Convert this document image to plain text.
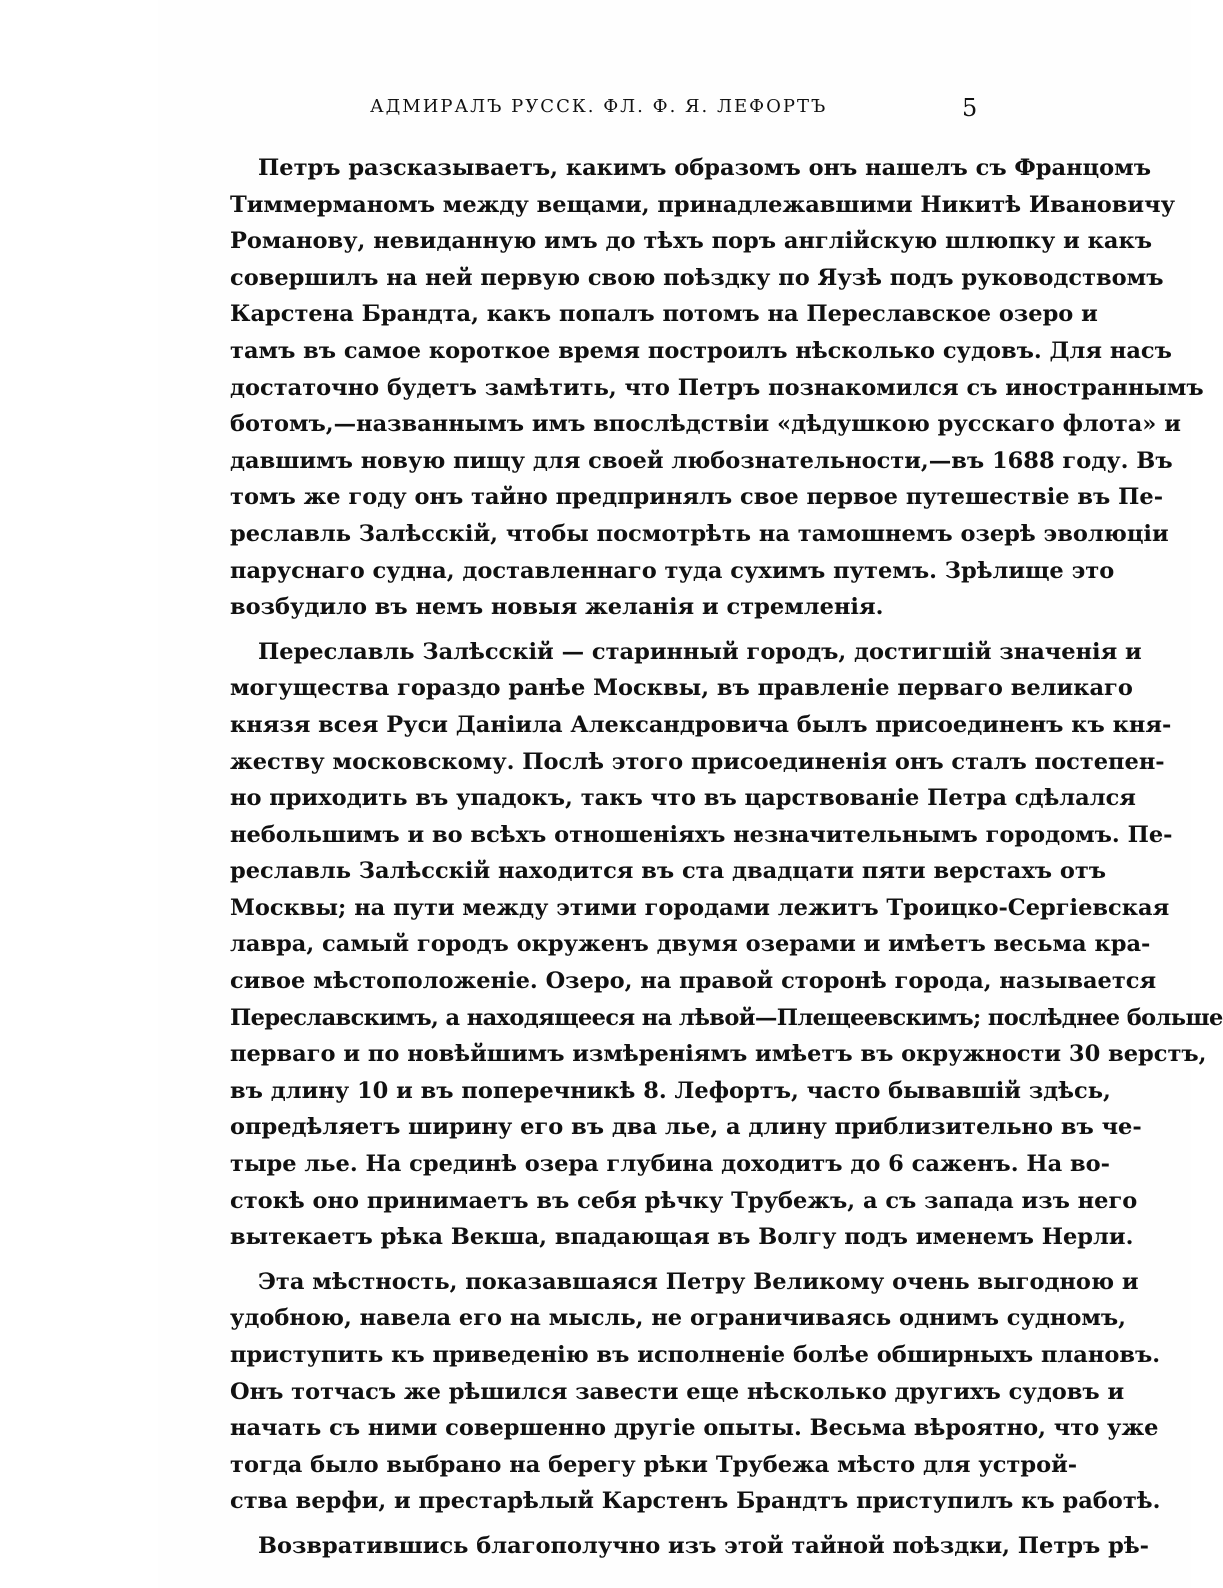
АДМИРАЛЪ РУССК. ФЛ. Ф. Я. ЛЕФОРТЪ	5
Петръ разсказываетъ, какимъ образомъ онъ нашелъ съ Францомъ
Тиммерманомъ между вещами, принадлежавшими Никитѣ Ивановичу
Романову, невиданную имъ до тѣхъ поръ англійскую шлюпку и какъ
совершилъ на ней первую свою поѣздку по Яузѣ подъ руководствомъ
Карстена Брандта, какъ попалъ потомъ на Переславское озеро и
тамъ въ самое короткое время построилъ нѣсколько судовъ. Для насъ
достаточно будетъ замѣтить, что Петръ познакомился съ иностраннымъ
ботомъ,—названнымъ имъ впослѣдствіи «дѣдушкою русскаго флота» и
давшимъ новую пищу для своей любознательности,—въ 1688 году. Въ
томъ же году онъ тайно предпринялъ свое первое путешествіе въ Пе-
реславль Залѣсскій, чтобы посмотрѣть на тамошнемъ озерѣ эволюціи
паруснаго судна, доставленнаго туда сухимъ путемъ. Зрѣлище это
возбудило въ немъ новыя желанія и стремленія.
Переславль Залѣсскій — старинный городъ, достигшій значенія и
могущества гораздо ранѣе Москвы, въ правленіе перваго великаго
князя всея Руси Даніила Александровича былъ присоединенъ къ кня-
жеству московскому. Послѣ этого присоединенія онъ сталъ постепен-
но приходить въ упадокъ, такъ что въ царствованіе Петра сдѣлался
небольшимъ и во всѣхъ отношеніяхъ незначительнымъ городомъ. Пе-
реславль Залѣсскій находится въ ста двадцати пяти верстахъ отъ
Москвы; на пути между этими городами лежитъ Троицко-Сергіевская
лавра, самый городъ окруженъ двумя озерами и имѣетъ весьма кра-
сивое мѣстоположеніе. Озеро, на правой сторонѣ города, называется
Переславскимъ, а находящееся на лѣвой—Плещеевскимъ; послѣднее больше
перваго и по новѣйшимъ измѣреніямъ имѣетъ въ окружности 30 верстъ,
въ длину 10 и въ поперечникѣ 8. Лефортъ, часто бывавшій здѣсь,
опредѣляетъ ширину его въ два лье, а длину приблизительно въ че-
тыре лье. На срединѣ озера глубина доходитъ до 6 саженъ. На во-
стокѣ оно принимаетъ въ себя рѣчку Трубежъ, а съ запада изъ него
вытекаетъ рѣка Векша, впадающая въ Волгу подъ именемъ Нерли.
Эта мѣстность, показавшаяся Петру Великому очень выгодною и
удобною, навела его на мысль, не ограничиваясь однимъ судномъ,
приступить къ приведенію въ исполненіе болѣе обширныхъ плановъ.
Онъ тотчасъ же рѣшился завести еще нѣсколько другихъ судовъ и
начать съ ними совершенно другіе опыты. Весьма вѣроятно, что уже
тогда было выбрано на берегу рѣки Трубежа мѣсто для устрой-
ства верфи, и престарѣлый Карстенъ Брандтъ приступилъ къ работѣ.
Возвратившись благополучно изъ этой тайной поѣздки, Петръ рѣ-
